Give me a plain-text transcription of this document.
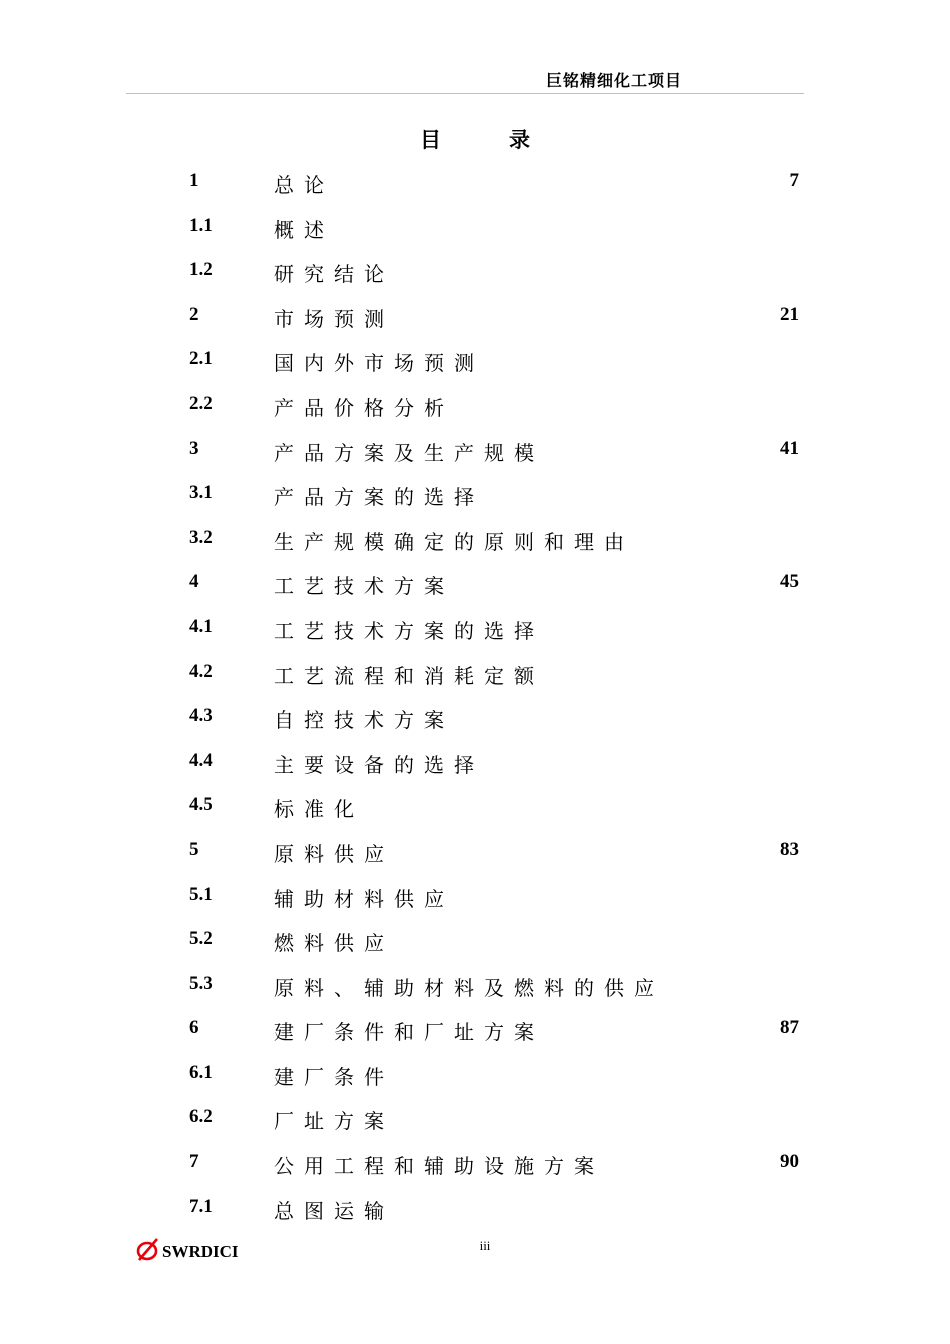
巨铭精细化工项目
目录
1	总论	7
1.1	概述
1.2	研究结论
2	市场预测	21
2.1	国内外市场预测
2.2	产品价格分析
3	产品方案及生产规模	41
3.1	产品方案的选择
3.2	生产规模确定的原则和理由
4	工艺技术方案	45
4.1	工艺技术方案的选择
4.2	工艺流程和消耗定额
4.3	自控技术方案
4.4	主要设备的选择
4.5	标准化
5	原料供应	83
5.1	辅助材料供应
5.2	燃料供应
5.3	原料、辅助材料及燃料的供应
6	建厂条件和厂址方案	87
6.1	建厂条件
6.2	厂址方案
7	公用工程和辅助设施方案	90
7.1	总图运输
iii
SWRDICI
